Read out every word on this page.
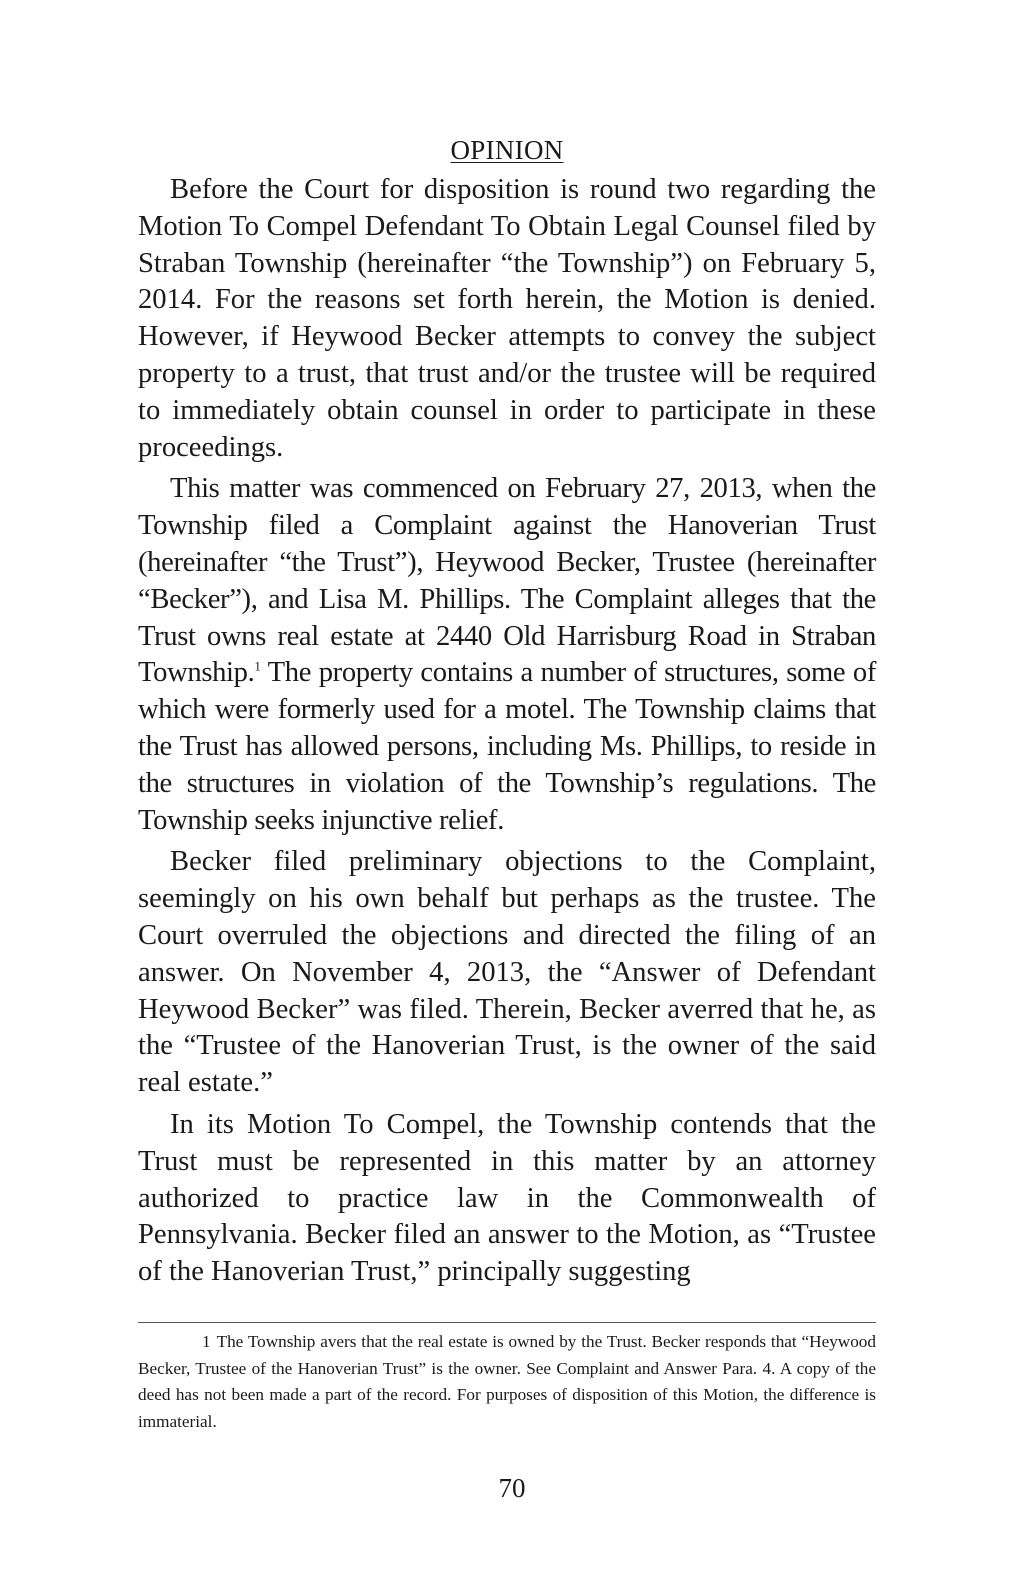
OPINION

Before the Court for disposition is round two regarding the Motion To Compel Defendant To Obtain Legal Counsel filed by Straban Township (hereinafter “the Township”) on February 5, 2014. For the reasons set forth herein, the Motion is denied. However, if Heywood Becker attempts to convey the subject property to a trust, that trust and/or the trustee will be required to immediately obtain counsel in order to participate in these proceedings.

This matter was commenced on February 27, 2013, when the Township filed a Complaint against the Hanoverian Trust (hereinafter “the Trust”), Heywood Becker, Trustee (hereinafter “Becker”), and Lisa M. Phillips. The Complaint alleges that the Trust owns real estate at 2440 Old Harrisburg Road in Straban Township.$^1$ The property contains a number of structures, some of which were formerly used for a motel. The Township claims that the Trust has allowed persons, including Ms. Phillips, to reside in the structures in violation of the Township’s regulations. The Township seeks injunctive relief.

Becker filed preliminary objections to the Complaint, seemingly on his own behalf but perhaps as the trustee. The Court overruled the objections and directed the filing of an answer. On November 4, 2013, the “Answer of Defendant Heywood Becker” was filed. Therein, Becker averred that he, as the “Trustee of the Hanoverian Trust, is the owner of the said real estate.”

In its Motion To Compel, the Township contends that the Trust must be represented in this matter by an attorney authorized to practice law in the Commonwealth of Pennsylvania. Becker filed an answer to the Motion, as “Trustee of the Hanoverian Trust,” principally suggesting

1 The Township avers that the real estate is owned by the Trust. Becker responds that “Heywood Becker, Trustee of the Hanoverian Trust” is the owner. See Complaint and Answer Para. 4. A copy of the deed has not been made a part of the record. For purposes of disposition of this Motion, the difference is immaterial.

70
